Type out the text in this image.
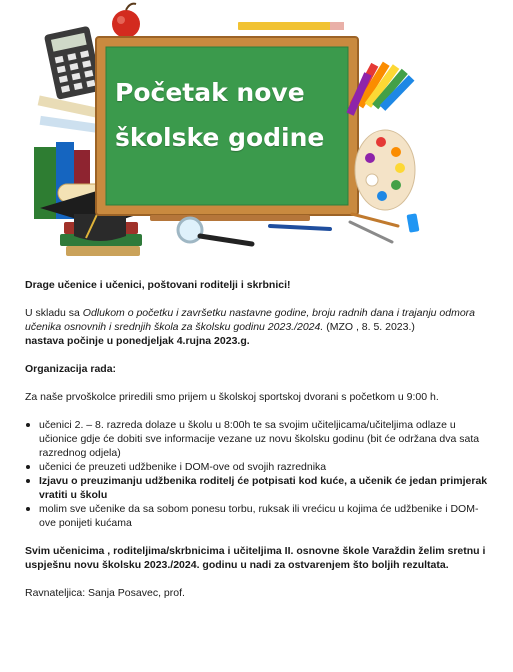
Početak nove
školske godine

Drage učenice i učenici, poštovani roditelji i skrbnici!

U skladu sa Odlukom o početku i završetku nastavne godine, broju radnih dana i trajanju odmora učenika osnovnih i srednjih škola za školsku godinu 2023./2024. (MZO , 8. 5. 2023.)
nastava počinje u ponedjeljak 4.rujna 2023.g.

Organizacija rada:

Za naše prvoškolce priredili smo prijem u školskoj sportskoj dvorani s početkom u 9:00 h.

učenici 2. – 8. razreda dolaze u školu u 8:00h te sa svojim učiteljicama/učiteljima odlaze u učionice gdje će dobiti sve informacije vezane uz novu školsku godinu (bit će održana dva sata razrednog odjela)
učenici će preuzeti udžbenike i DOM-ove od svojih razrednika
Izjavu o preuzimanju udžbenika roditelj će potpisati kod kuće, a učenik će jedan primjerak vratiti u školu
molim sve učenike da sa sobom ponesu torbu, ruksak ili vrećicu u kojima će udžbenike i DOM-ove ponijeti kućama

Svim učenicima , roditeljima/skrbnicima i učiteljima II. osnovne škole Varaždin želim sretnu i uspješnu novu školsku 2023./2024. godinu u nadi za ostvarenjem što boljih rezultata.

Ravnateljica: Sanja Posavec, prof.
